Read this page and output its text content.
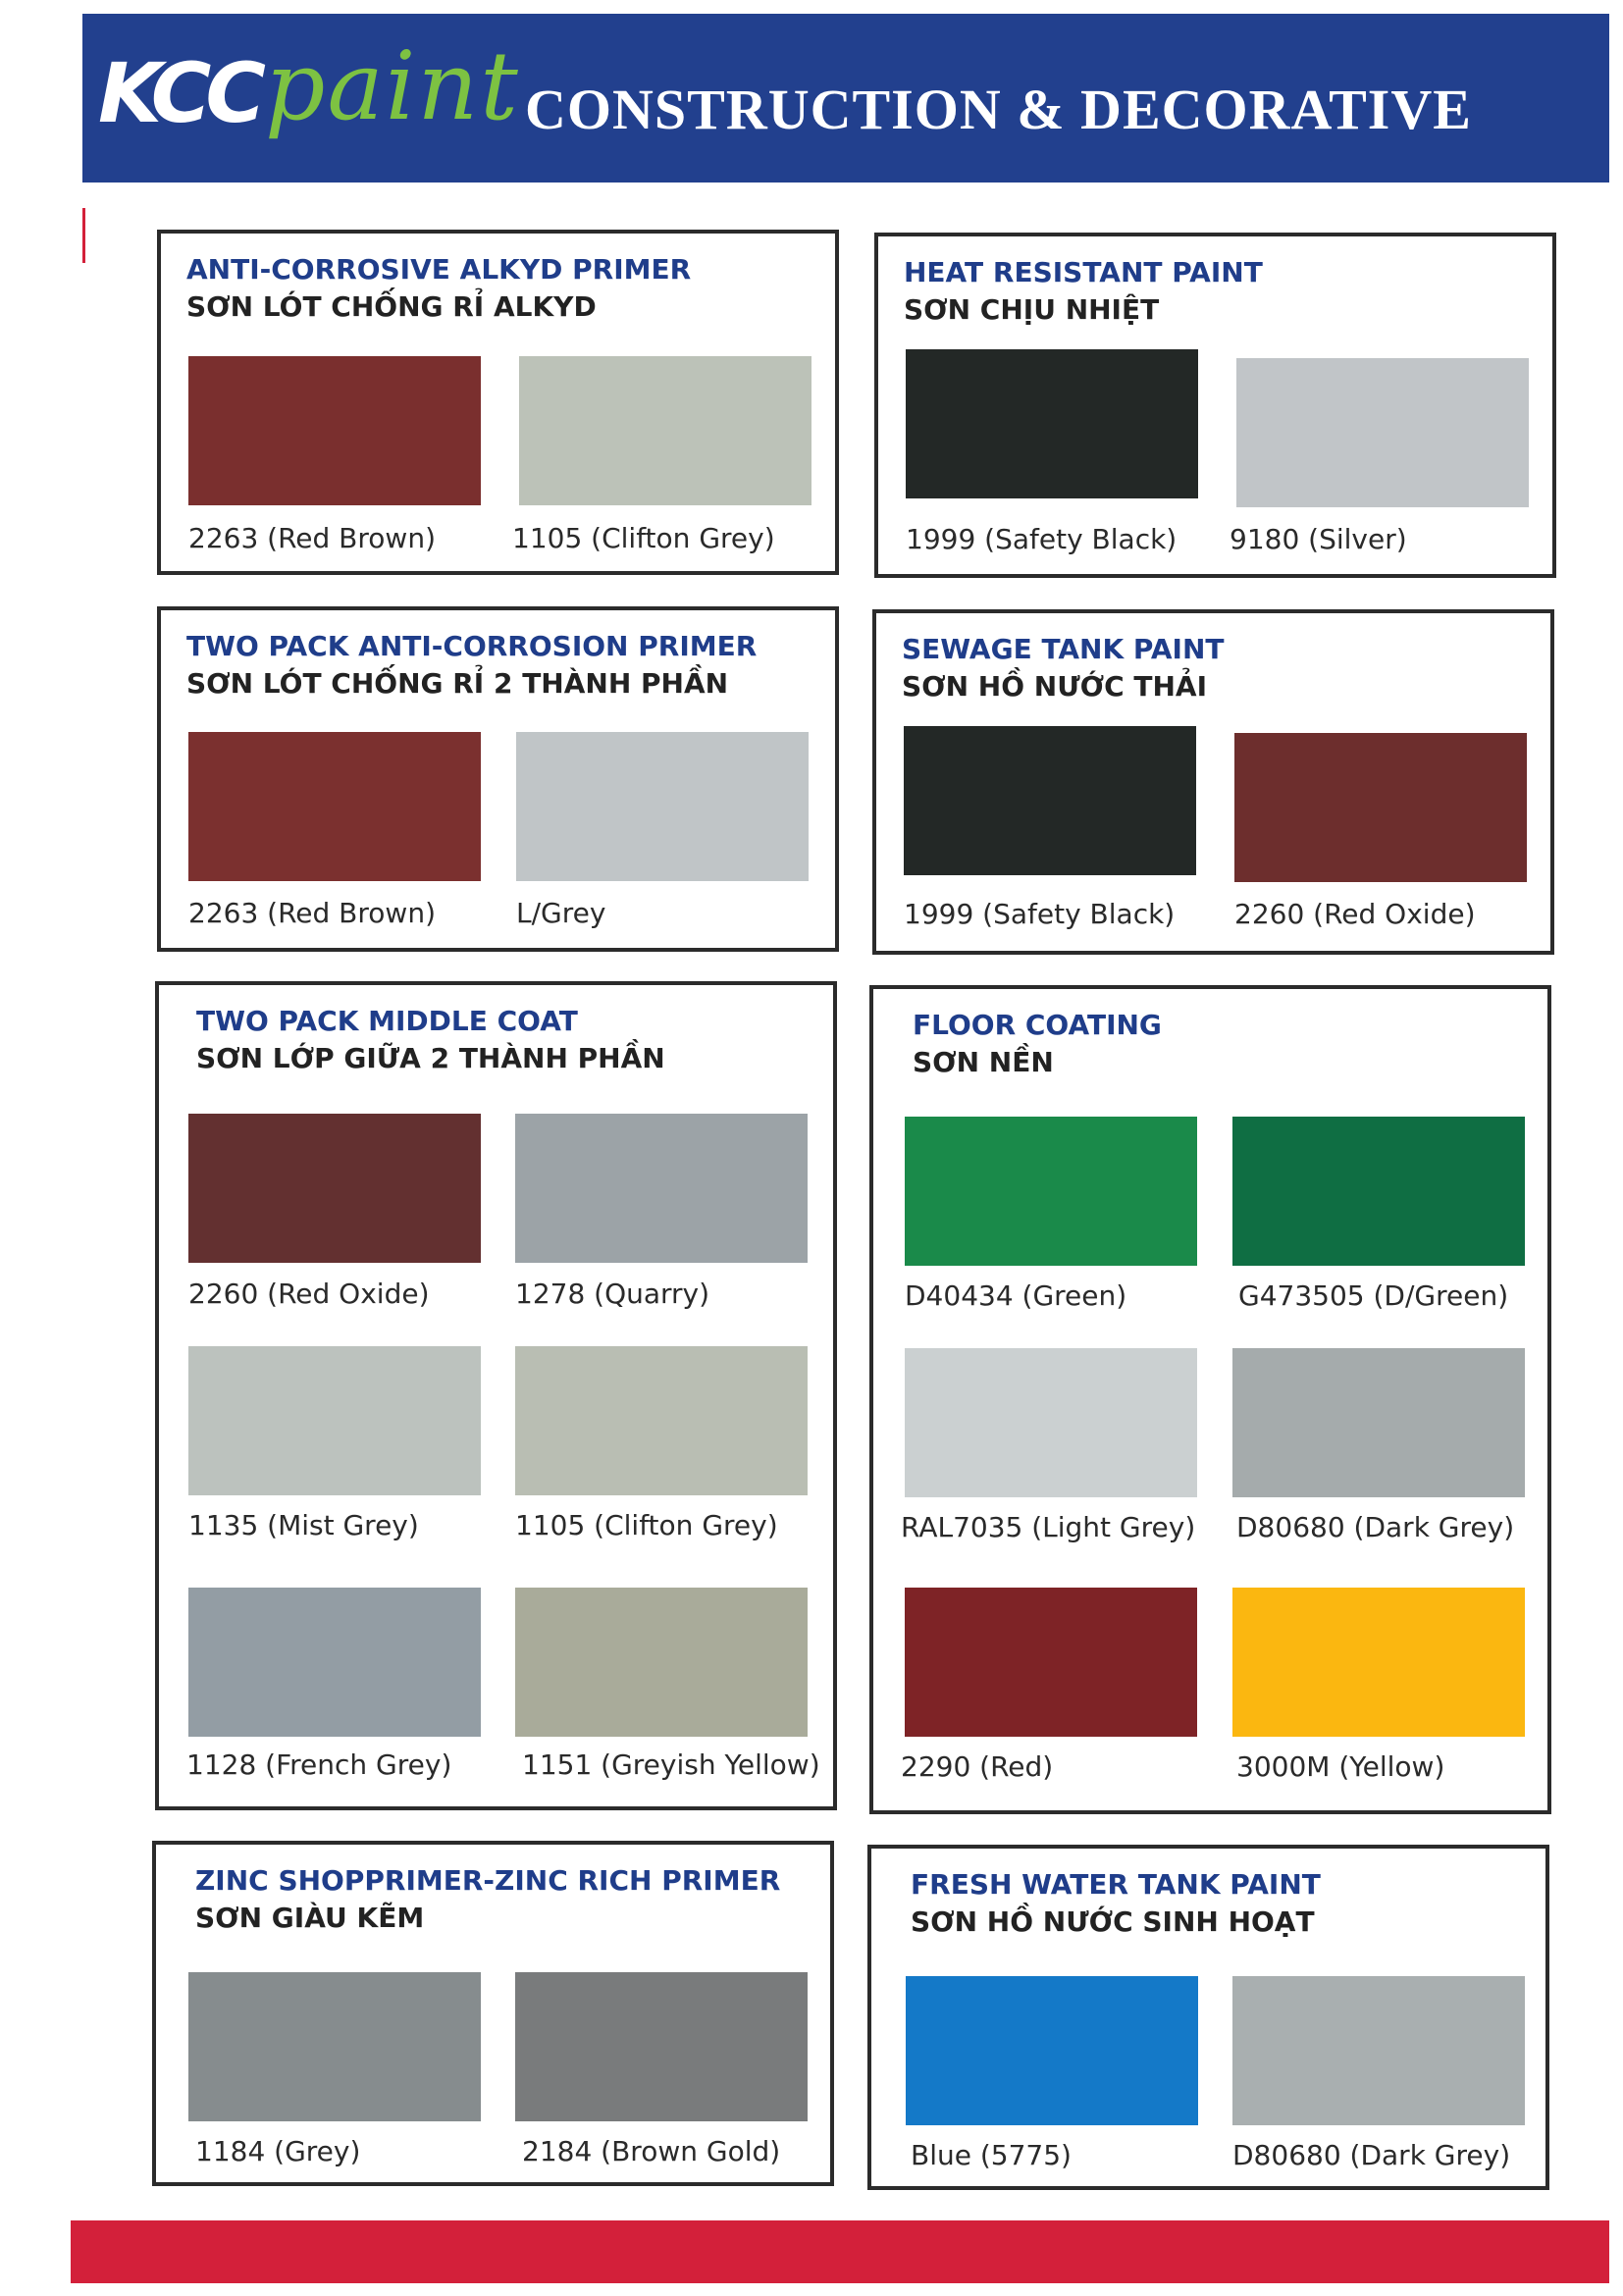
KCC paint CONSTRUCTION & DECORATIVE
ANTI-CORROSIVE ALKYD PRIMER
SƠN LÓT CHỐNG RỈ ALKYD
2263 (Red Brown)	1105 (Clifton Grey)
HEAT RESISTANT PAINT
SƠN CHỊU NHIỆT
1999 (Safety Black)	9180 (Silver)
TWO PACK ANTI-CORROSION PRIMER
SƠN LÓT CHỐNG RỈ 2 THÀNH PHẦN
2263 (Red Brown)	L/Grey
SEWAGE TANK PAINT
SƠN HỒ NƯỚC THẢI
1999 (Safety Black)	2260 (Red Oxide)
TWO PACK MIDDLE COAT
SƠN LỚP GIỮA 2 THÀNH PHẦN
2260 (Red Oxide)	1278 (Quarry)
1135 (Mist Grey)	1105 (Clifton Grey)
1128 (French Grey)	1151 (Greyish Yellow)
FLOOR COATING
SƠN NỀN
D40434 (Green)	G473505 (D/Green)
RAL7035 (Light Grey)	D80680 (Dark Grey)
2290 (Red)	3000M (Yellow)
ZINC SHOPPRIMER-ZINC RICH PRIMER
SƠN GIÀU KẼM
1184 (Grey)	2184 (Brown Gold)
FRESH WATER TANK PAINT
SƠN HỒ NƯỚC SINH HOẠT
Blue (5775)	D80680 (Dark Grey)
